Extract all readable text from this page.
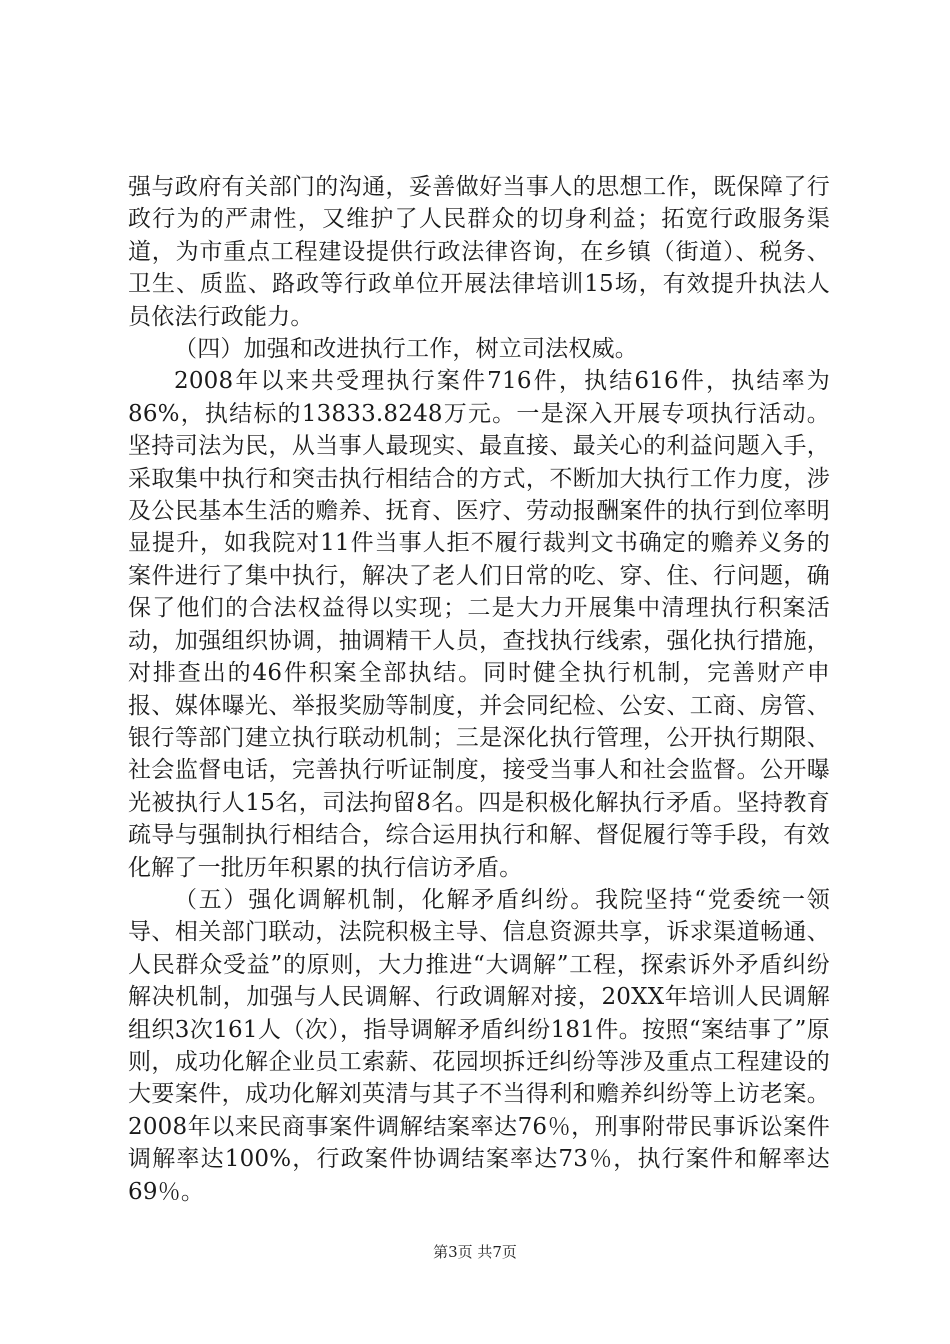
强与政府有关部门的沟通，妥善做好当事人的思想工作，既保障了行政行为的严肃性，又维护了人民群众的切身利益；拓宽行政服务渠道，为市重点工程建设提供行政法律咨询，在乡镇（街道）、税务、卫生、质监、路政等行政单位开展法律培训15场，有效提升执法人员依法行政能力。

（四）加强和改进执行工作，树立司法权威。

2008年以来共受理执行案件716件，执结616件，执结率为86%，执结标的13833.8248万元。一是深入开展专项执行活动。坚持司法为民，从当事人最现实、最直接、最关心的利益问题入手，采取集中执行和突击执行相结合的方式，不断加大执行工作力度，涉及公民基本生活的赡养、抚育、医疗、劳动报酬案件的执行到位率明显提升，如我院对11件当事人拒不履行裁判文书确定的赡养义务的案件进行了集中执行，解决了老人们日常的吃、穿、住、行问题，确保了他们的合法权益得以实现；二是大力开展集中清理执行积案活动，加强组织协调，抽调精干人员，查找执行线索，强化执行措施，对排查出的46件积案全部执结。同时健全执行机制，完善财产申报、媒体曝光、举报奖励等制度，并会同纪检、公安、工商、房管、银行等部门建立执行联动机制；三是深化执行管理，公开执行期限、社会监督电话，完善执行听证制度，接受当事人和社会监督。公开曝光被执行人15名，司法拘留8名。四是积极化解执行矛盾。坚持教育疏导与强制执行相结合，综合运用执行和解、督促履行等手段，有效化解了一批历年积累的执行信访矛盾。

（五）强化调解机制，化解矛盾纠纷。我院坚持“党委统一领导、相关部门联动，法院积极主导、信息资源共享，诉求渠道畅通、人民群众受益”的原则，大力推进“大调解”工程，探索诉外矛盾纠纷解决机制，加强与人民调解、行政调解对接，20XX年培训人民调解组织3次161人（次），指导调解矛盾纠纷181件。按照“案结事了”原则，成功化解企业员工索薪、花园坝拆迁纠纷等涉及重点工程建设的大要案件，成功化解刘英清与其子不当得利和赡养纠纷等上访老案。2008年以来民商事案件调解结案率达76％，刑事附带民事诉讼案件调解率达100%，行政案件协调结案率达73％，执行案件和解率达69％。

第3页 共7页
